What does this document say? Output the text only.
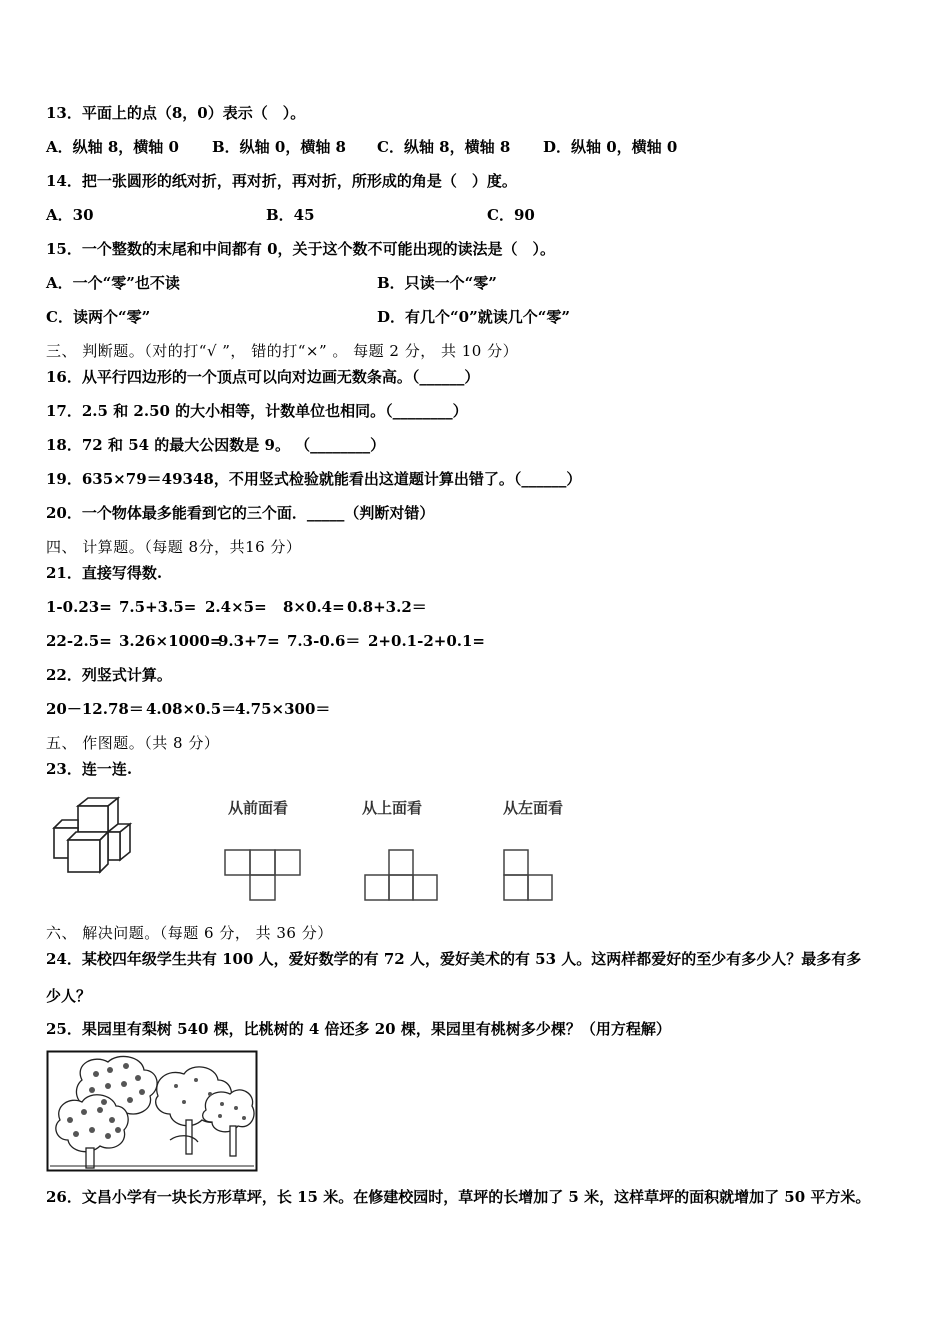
13．平面上的点（8，0）表示（　）。
A．纵轴 8，横轴 0 B．纵轴 0，横轴 8 C．纵轴 8，横轴 8 D．纵轴 0，横轴 0
14．把一张圆形的纸对折，再对折，再对折，所形成的角是（　）度。
A．30	B．45	C．90
15．一个整数的末尾和中间都有 0，关于这个数不可能出现的读法是（　）。
A．一个“零”也不读	B．只读一个“零”
C．读两个“零”	D．有几个“0”就读几个“零”
三、 判断题。（对的打“√ ”， 错的打“×” 。 每题 2 分， 共 10 分）
16．从平行四边形的一个顶点可以向对边画无数条高。（______）
17．2.5 和 2.50 的大小相等，计数单位也相同。（________）
18．72 和 54 的最大公因数是 9。 （________）
19．635×79＝49348，不用竖式检验就能看出这道题计算出错了。（______）
20．一个物体最多能看到它的三个面．_____（判断对错）
四、 计算题。（每题 8分，共16 分）
21．直接写得数.
1-0.23= 7.5+3.5= 2.4×5= 8×0.4= 0.8+3.2＝
22-2.5= 3.26×1000=
9.3+7= 7.3-0.6＝ 2+0.1-2+0.1=
22．列竖式计算。
20－12.78＝ 4.08×0.5＝
4.75×300＝
五、 作图题。（共 8 分）
23．连一连.
从前面看	从上面看	从左面看
六、 解决问题。（每题 6 分， 共 36 分）
24．某校四年级学生共有 100 人，爱好数学的有 72 人，爱好美术的有 53 人。这两样都爱好的至少有多少人？最多有多
少人？
25．果园里有梨树 540 棵，比桃树的 4 倍还多 20 棵，果园里有桃树多少棵？（用方程解）
26．文昌小学有一块长方形草坪，长 15 米。在修建校园时，草坪的长增加了 5 米，这样草坪的面积就增加了 50 平方米。
